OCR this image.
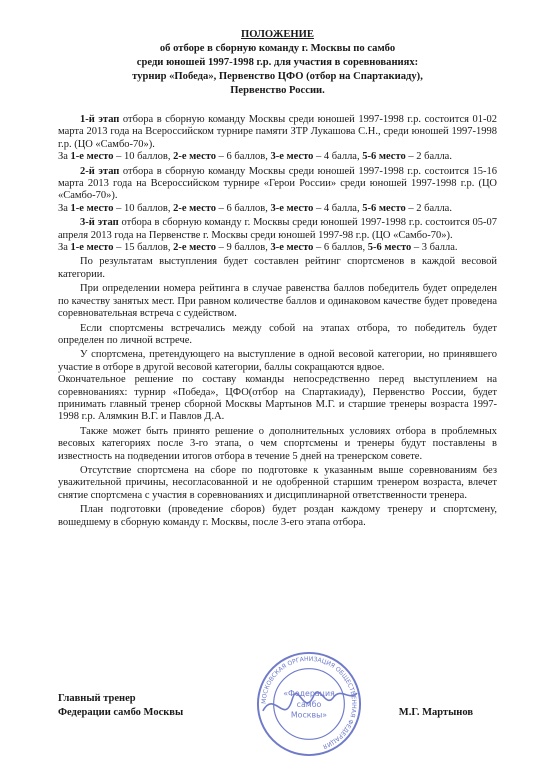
ПОЛОЖЕНИЕ
об отборе в сборную команду г. Москвы по самбо
среди юношей 1997-1998 г.р. для участия в соревнованиях:
турнир «Победа», Первенство ЦФО (отбор на Спартакиаду),
Первенство России.

1-й этап отбора в сборную команду Москвы среди юношей 1997-1998 г.р. состоится 01-02 марта 2013 года на Всероссийском турнире памяти ЗТР Лукашова С.Н., среди юношей 1997-1998 г.р. (ЦО «Самбо-70»).

За 1-е место – 10 баллов, 2-е место – 6 баллов, 3-е место – 4 балла, 5-6 место – 2 балла.

2-й этап отбора в сборную команду Москвы среди юношей 1997-1998 г.р. состоится 15-16 марта 2013 года на Всероссийском турнире «Герои России» среди юношей 1997-1998 г.р. (ЦО «Самбо-70»).

За 1-е место – 10 баллов, 2-е место – 6 баллов, 3-е место – 4 балла, 5-6 место – 2 балла.

3-й этап отбора в сборную команду г. Москвы среди юношей 1997-1998 г.р. состоится 05-07 апреля 2013 года на Первенстве г. Москвы среди юношей 1997-98 г.р. (ЦО «Самбо-70»).

За 1-е место – 15 баллов, 2-е место – 9 баллов, 3-е место – 6 баллов, 5-6 место – 3 балла.

По результатам выступления будет составлен рейтинг спортсменов в каждой весовой категории.

При определении номера рейтинга в случае равенства баллов победитель будет определен по качеству занятых мест. При равном количестве баллов и одинаковом качестве будет проведена соревновательная встреча с судейством.

Если спортсмены встречались между собой на этапах отбора, то победитель будет определен по личной встрече.

У спортсмена, претендующего на выступление в одной весовой категории, но принявшего участие в отборе в другой весовой категории, баллы сокращаются вдвое.

Окончательное решение по составу команды непосредственно перед выступлением на соревнованиях: турнир «Победа», ЦФО(отбор на Спартакиаду), Первенство России, будет принимать главный тренер сборной Москвы Мартынов М.Г. и старшие тренеры возраста 1997-1998 г.р. Алямкин В.Г. и Павлов Д.А.

Также может быть принято решение о дополнительных условиях отбора в проблемных весовых категориях после 3-го этапа, о чем спортсмены и тренеры будут поставлены в известность на подведении итогов отбора в течение 5 дней на тренерском совете.

Отсутствие спортсмена на сборе по подготовке к указанным выше соревнованиям без уважительной причины, несогласованной и не одобренной старшим тренером возраста, влечет снятие спортсмена с участия в соревнованиях и дисциплинарной ответственности тренера.

План подготовки (проведение сборов) будет роздан каждому тренеру и спортсмену, вошедшему в сборную команду г. Москвы, после 3-его этапа отбора.

Главный тренер
Федерации самбо Москвы	М.Г. Мартынов
МОСКОВСКАЯ ОРГАНИЗАЦИЯ ОБЩЕСТВЕННАЯ ФЕДЕРАЦИЯ
«Федерация
самбо
Москвы»
